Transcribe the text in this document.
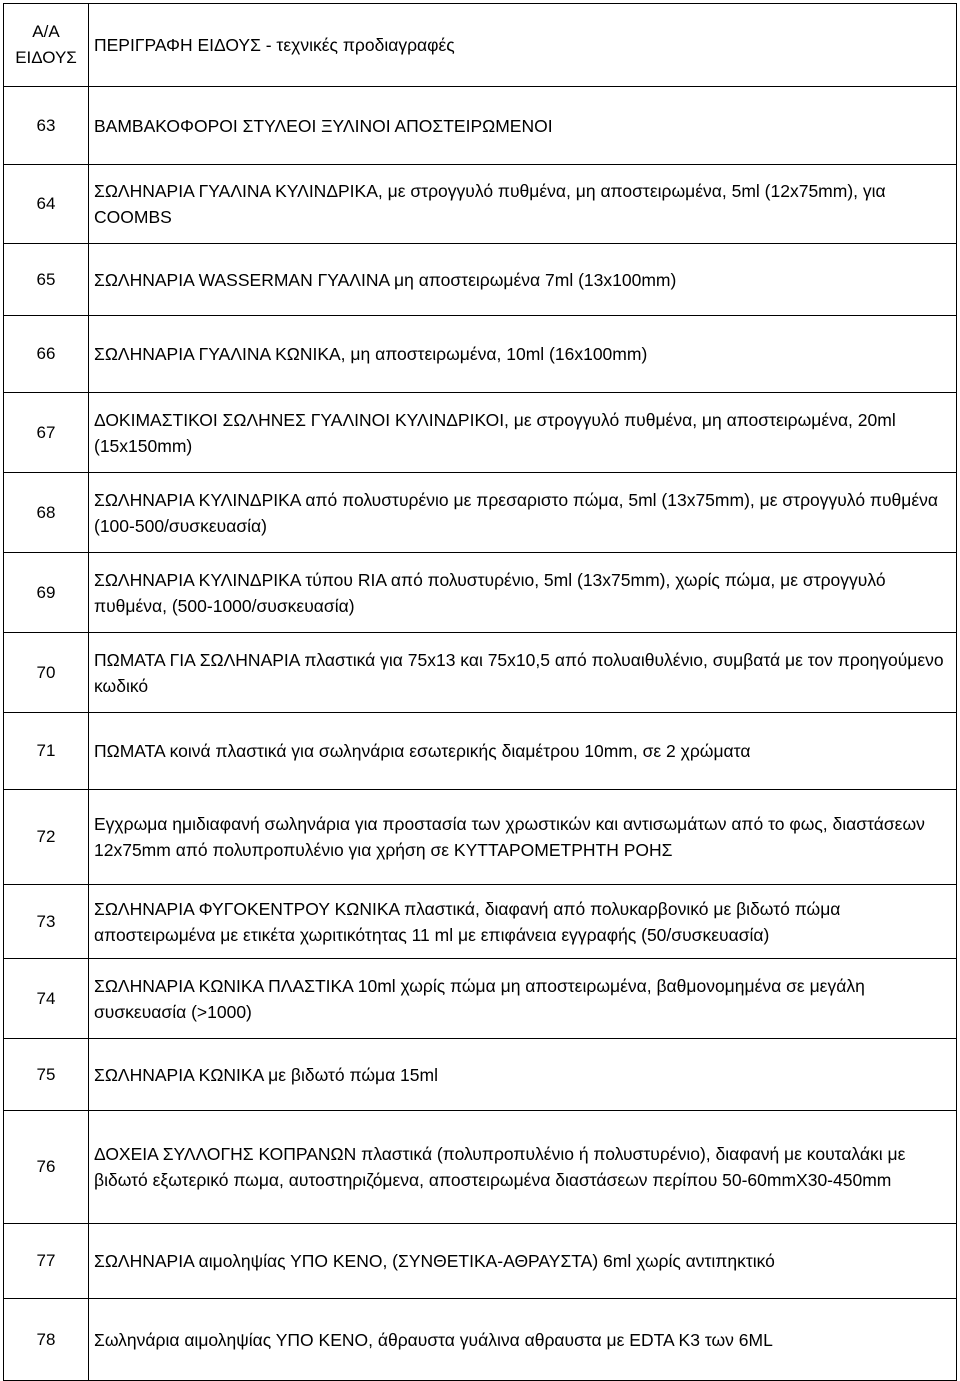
Α/Α
ΕΙΔΟΥΣ	ΠΕΡΙΓΡΑΦΗ ΕΙΔΟΥΣ - τεχνικές προδιαγραφές
63	ΒΑΜΒΑΚΟΦΟΡΟΙ ΣΤΥΛΕΟΙ ΞΥΛΙΝΟΙ ΑΠΟΣΤΕΙΡΩΜΕΝΟΙ
64	ΣΩΛΗΝΑΡΙΑ ΓΥΑΛΙΝΑ ΚΥΛΙΝΔΡΙΚΑ, με στρογγυλό πυθμένα, μη αποστειρωμένα, 5ml (12x75mm), για COOMBS
65	ΣΩΛΗΝΑΡΙΑ WASSERMAN ΓΥΑΛΙΝΑ μη αποστειρωμένα 7ml (13x100mm)
66	ΣΩΛΗΝΑΡΙΑ ΓΥΑΛΙΝΑ ΚΩΝΙΚΑ, μη αποστειρωμένα, 10ml (16x100mm)
67	ΔΟΚΙΜΑΣΤΙΚΟΙ ΣΩΛΗΝΕΣ ΓΥΑΛΙΝΟΙ ΚΥΛΙΝΔΡΙΚΟΙ, με στρογγυλό πυθμένα, μη αποστειρωμένα, 20ml (15x150mm)
68	ΣΩΛΗΝΑΡΙΑ ΚΥΛΙΝΔΡΙΚΑ από πολυστυρένιο με πρεσαριστο πώμα, 5ml (13x75mm), με στρογγυλό πυθμένα (100-500/συσκευασία)
69	ΣΩΛΗΝΑΡΙΑ ΚΥΛΙΝΔΡΙΚΑ τύπου RIA από πολυστυρένιο, 5ml (13x75mm), χωρίς πώμα, με στρογγυλό πυθμένα, (500-1000/συσκευασία)
70	ΠΩΜΑΤΑ ΓΙΑ ΣΩΛΗΝΑΡΙΑ πλαστικά για 75x13 και 75x10,5 από πολυαιθυλένιο, συμβατά με τον προηγούμενο κωδικό
71	ΠΩΜΑΤΑ κοινά πλαστικά για σωληνάρια εσωτερικής διαμέτρου 10mm, σε 2 χρώματα
72	Εγχρωμα ημιδιαφανή σωληνάρια για προστασία των χρωστικών και αντισωμάτων από το φως, διαστάσεων 12x75mm από πολυπροπυλένιο για χρήση σε ΚΥΤΤΑΡΟΜΕΤΡΗΤΗ ΡΟΗΣ
73	ΣΩΛΗΝΑΡΙΑ ΦΥΓΟΚΕΝΤΡΟΥ ΚΩΝΙΚΑ πλαστικά, διαφανή από πολυκαρβονικό με βιδωτό πώμα αποστειρωμένα με ετικέτα χωριτικότητας 11 ml με επιφάνεια εγγραφής (50/συσκευασία)
74	ΣΩΛΗΝΑΡΙΑ ΚΩΝΙΚΑ ΠΛΑΣΤΙΚΑ 10ml χωρίς πώμα μη αποστειρωμένα, βαθμονομημένα σε μεγάλη συσκευασία (>1000)
75	ΣΩΛΗΝΑΡΙΑ ΚΩΝΙΚΑ με βιδωτό πώμα 15ml
76	ΔΟΧΕΙΑ ΣΥΛΛΟΓΗΣ ΚΟΠΡΑΝΩΝ πλαστικά (πολυπροπυλένιο ή πολυστυρένιο), διαφανή με κουταλάκι με βιδωτό εξωτερικό πωμα, αυτοστηριζόμενα, αποστειρωμένα διαστάσεων περίπου 50-60mmX30-450mm
77	ΣΩΛΗΝΑΡΙΑ αιμοληψίας ΥΠΟ ΚΕΝΟ, (ΣΥΝΘΕΤΙΚΑ-ΑΘΡΑΥΣΤΑ) 6ml χωρίς αντιπηκτικό
78	Σωληνάρια αιμοληψίας ΥΠΟ ΚΕΝΟ, άθραυστα γυάλινα αθραυστα με EDTA K3 των 6ML
